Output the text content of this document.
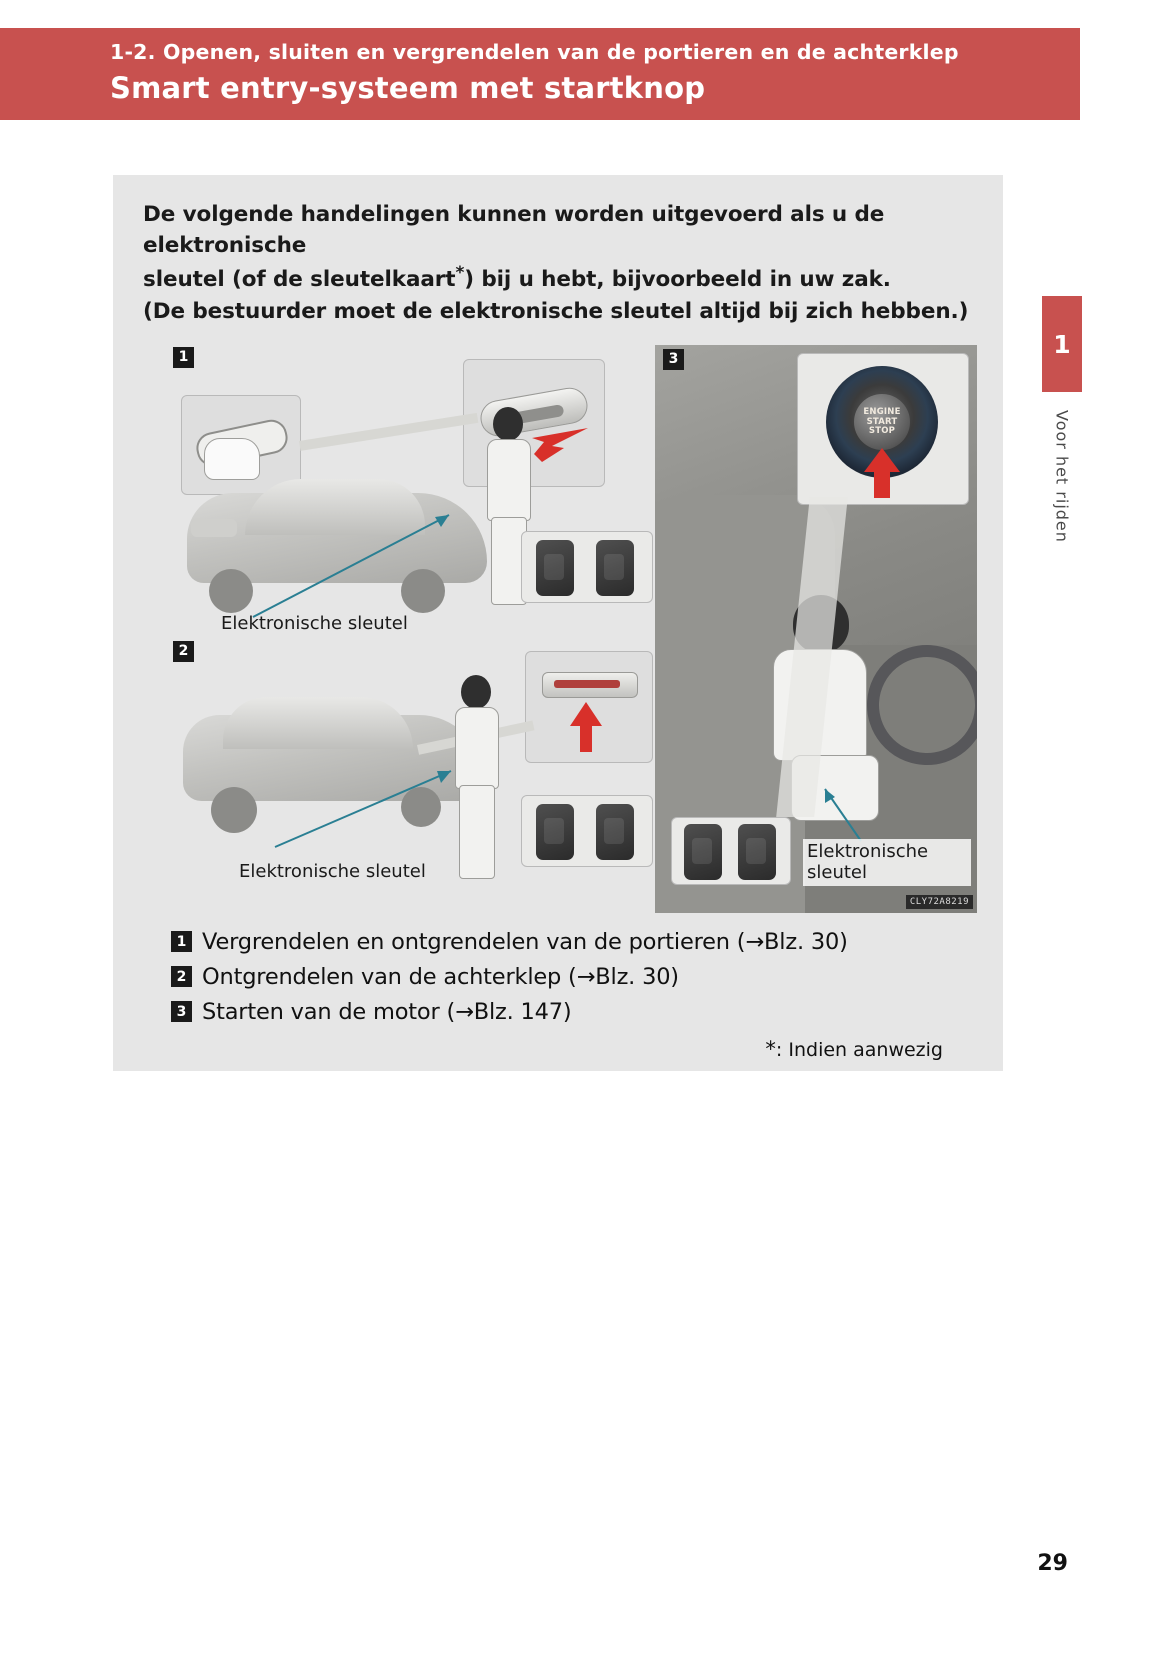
1-2. Openen, sluiten en vergrendelen van de portieren en de achterklep
Smart entry-systeem met startknop
1
Voor het rijden
De volgende handelingen kunnen worden uitgevoerd als u de elektronische
sleutel (of de sleutelkaart*) bij u hebt, bijvoorbeeld in uw zak.
(De bestuurder moet de elektronische sleutel altijd bij zich hebben.)
1
Elektronische sleutel
2
Elektronische sleutel
3
ENGINE
START
STOP
Elektronische
sleutel
CLY72A8219
1 Vergrendelen en ontgrendelen van de portieren (→Blz. 30)
2 Ontgrendelen van de achterklep (→Blz. 30)
3 Starten van de motor (→Blz. 147)
*: Indien aanwezig
29
